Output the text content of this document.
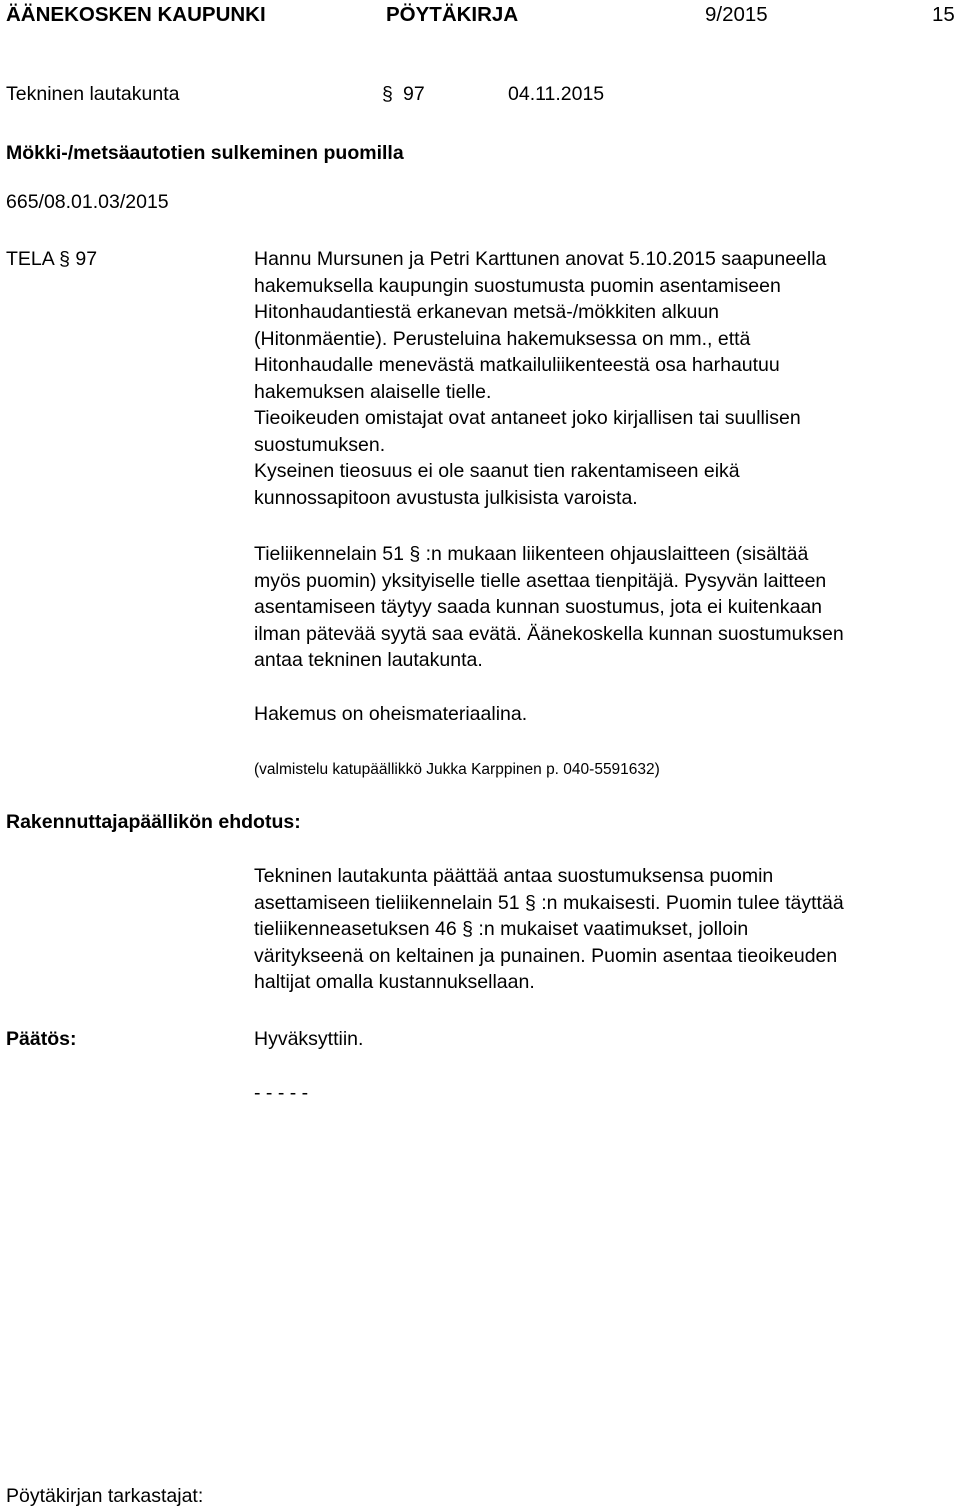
ÄÄNEKOSKEN KAUPUNKI	PÖYTÄKIRJA	9/2015	15
Tekninen lautakunta	§ 97	04.11.2015
Mökki-/metsäautotien sulkeminen puomilla
665/08.01.03/2015
TELA § 97	Hannu Mursunen ja Petri Karttunen anovat 5.10.2015 saapuneella

hakemuksella kaupungin suostumusta puomin asentamiseen

Hitonhaudantiestä erkanevan metsä-/mökkiten alkuun

(Hitonmäentie). Perusteluina hakemuksessa on mm., että

Hitonhaudalle menevästä matkailuliikenteestä osa harhautuu

hakemuksen alaiselle tielle.

Tieoikeuden omistajat ovat antaneet joko kirjallisen tai suullisen

suostumuksen.

Kyseinen tieosuus ei ole saanut tien rakentamiseen eikä

kunnossapitoon avustusta julkisista varoista.

Tieliikennelain 51 § :n mukaan liikenteen ohjauslaitteen (sisältää

myös puomin) yksityiselle tielle asettaa tienpitäjä. Pysyvän laitteen

asentamiseen täytyy saada kunnan suostumus, jota ei kuitenkaan

ilman pätevää syytä saa evätä. Äänekoskella kunnan suostumuksen

antaa tekninen lautakunta.

Hakemus on oheismateriaalina.

(valmistelu katupäällikkö Jukka Karppinen p. 040-5591632)
Rakennuttajapäällikön ehdotus:

Tekninen lautakunta päättää antaa suostumuksensa puomin

asettamiseen tieliikennelain 51 § :n mukaisesti. Puomin tulee täyttää

tieliikenneasetuksen 46 § :n mukaiset vaatimukset, jolloin

väritykseenä on keltainen ja punainen. Puomin asentaa tieoikeuden

haltijat omalla kustannuksellaan.

Päätös:	Hyväksyttiin.
- - - - -
Pöytäkirjan tarkastajat:
